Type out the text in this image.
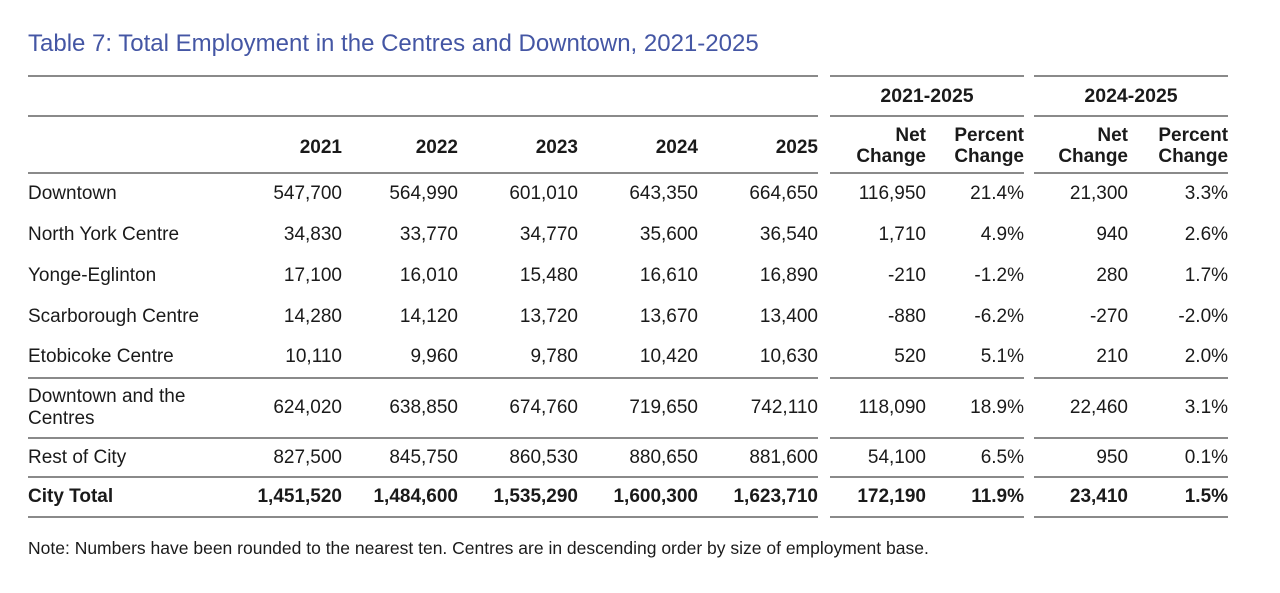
Table 7: Total Employment in the Centres and Downtown, 2021-2025
							2021-2025			2024-2025	
	2021	2022	2023	2024	2025		Net Change	Percent Change		Net Change	Percent Change
Downtown	547,700	564,990	601,010	643,350	664,650		116,950	21.4%		21,300	3.3%
North York Centre	34,830	33,770	34,770	35,600	36,540		1,710	4.9%		940	2.6%
Yonge-Eglinton	17,100	16,010	15,480	16,610	16,890		-210	-1.2%		280	1.7%
Scarborough Centre	14,280	14,120	13,720	13,670	13,400		-880	-6.2%		-270	-2.0%
Etobicoke Centre	10,110	9,960	9,780	10,420	10,630		520	5.1%		210	2.0%
Downtown and the Centres	624,020	638,850	674,760	719,650	742,110		118,090	18.9%		22,460	3.1%
Rest of City	827,500	845,750	860,530	880,650	881,600		54,100	6.5%		950	0.1%
City Total	1,451,520	1,484,600	1,535,290	1,600,300	1,623,710		172,190	11.9%		23,410	1.5%
Note: Numbers have been rounded to the nearest ten. Centres are in descending order by size of employment base.
